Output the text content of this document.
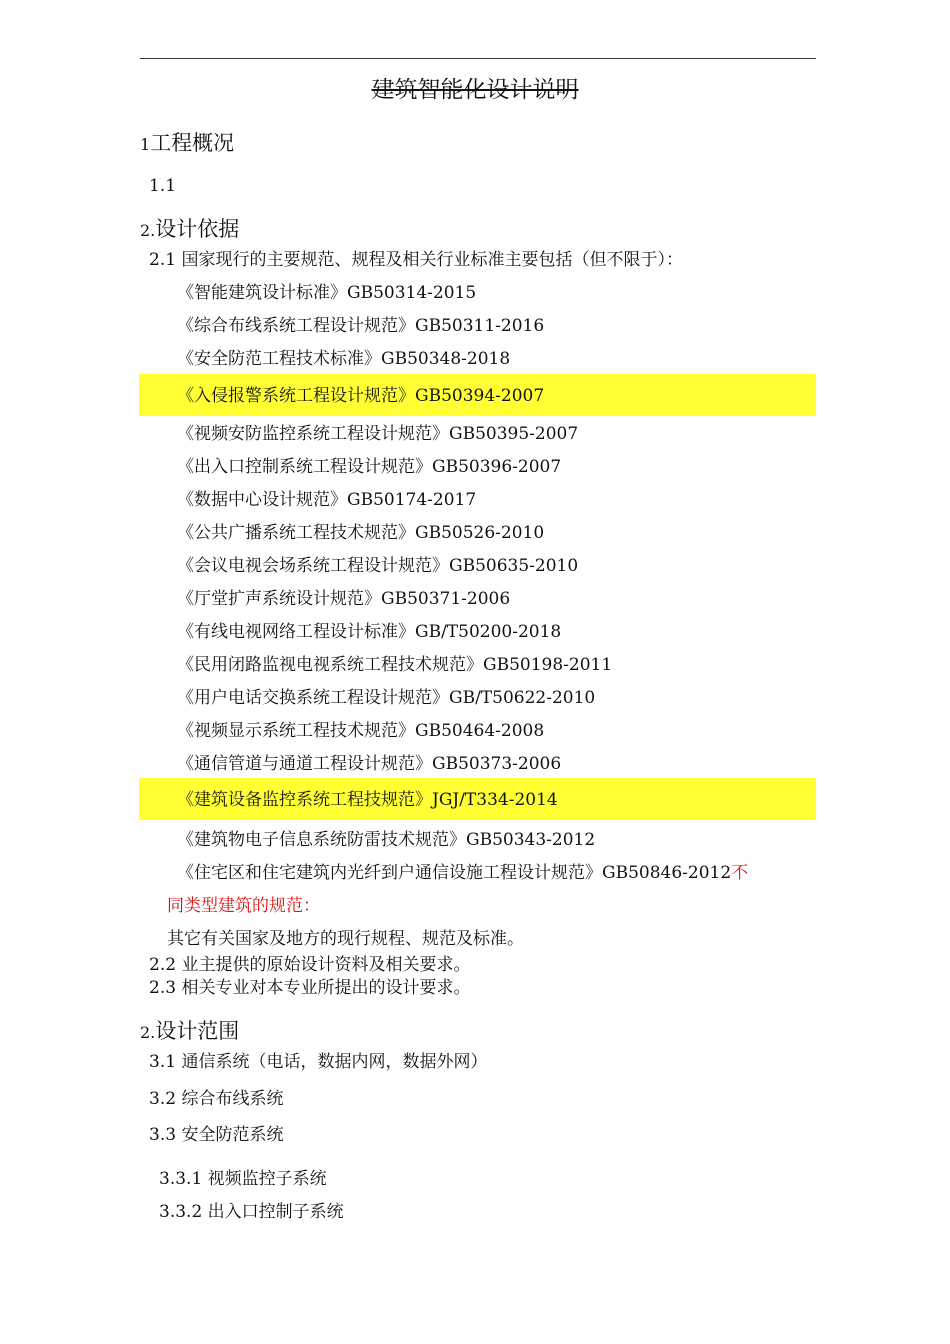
建筑智能化设计说明
1工程概况
1.1
2.设计依据
2.1 国家现行的主要规范、规程及相关行业标准主要包括（但不限于）：
《智能建筑设计标准》GB50314-2015
《综合布线系统工程设计规范》GB50311-2016
《安全防范工程技术标准》GB50348-2018
《入侵报警系统工程设计规范》GB50394-2007
《视频安防监控系统工程设计规范》GB50395-2007
《出入口控制系统工程设计规范》GB50396-2007
《数据中心设计规范》GB50174-2017
《公共广播系统工程技术规范》GB50526-2010
《会议电视会场系统工程设计规范》GB50635-2010
《厅堂扩声系统设计规范》GB50371-2006
《有线电视网络工程设计标准》GB/T50200-2018
《民用闭路监视电视系统工程技术规范》GB50198-2011
《用户电话交换系统工程设计规范》GB/T50622-2010
《视频显示系统工程技术规范》GB50464-2008
《通信管道与通道工程设计规范》GB50373-2006
《建筑设备监控系统工程技规范》JGJ/T334-2014
《建筑物电子信息系统防雷技术规范》GB50343-2012
《住宅区和住宅建筑内光纤到户通信设施工程设计规范》GB50846-2012不
同类型建筑的规范：
其它有关国家及地方的现行规程、规范及标准。
2.2 业主提供的原始设计资料及相关要求。
2.3 相关专业对本专业所提出的设计要求。
2.设计范围
3.1 通信系统（电话，数据内网，数据外网）
3.2 综合布线系统
3.3 安全防范系统
3.3.1 视频监控子系统
3.3.2 出入口控制子系统
